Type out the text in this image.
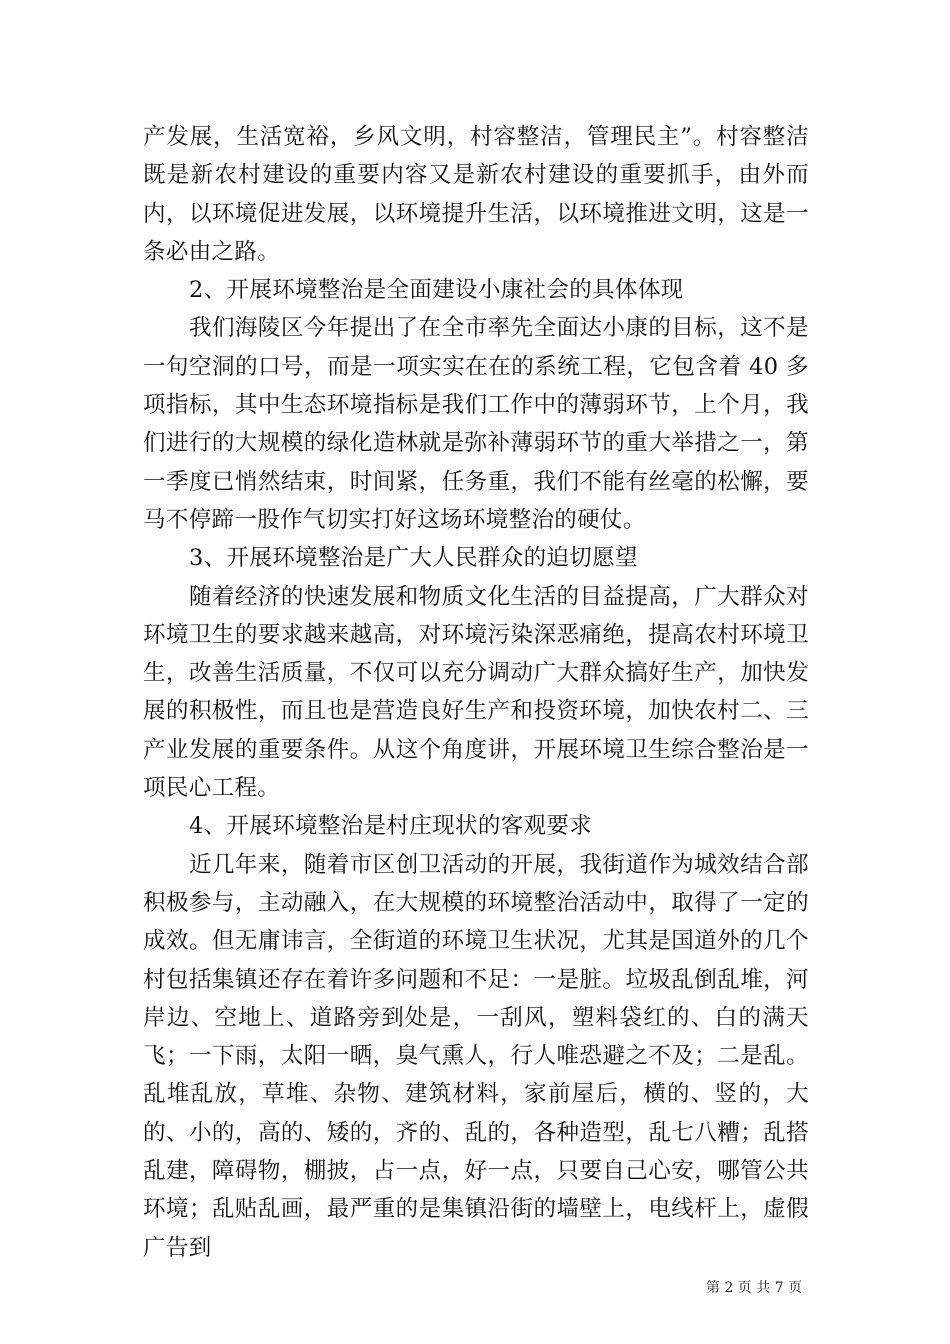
产发展，生活宽裕，乡风文明，村容整洁，管理民主”。村容整洁既是新农村建设的重要内容又是新农村建设的重要抓手，由外而内，以环境促进发展，以环境提升生活，以环境推进文明，这是一条必由之路。

2、开展环境整治是全面建设小康社会的具体体现

我们海陵区今年提出了在全市率先全面达小康的目标，这不是一句空洞的口号，而是一项实实在在的系统工程，它包含着 40 多项指标，其中生态环境指标是我们工作中的薄弱环节，上个月，我们进行的大规模的绿化造林就是弥补薄弱环节的重大举措之一，第一季度已悄然结束，时间紧，任务重，我们不能有丝毫的松懈，要马不停蹄一股作气切实打好这场环境整治的硬仗。

3、开展环境整治是广大人民群众的迫切愿望

随着经济的快速发展和物质文化生活的目益提高，广大群众对环境卫生的要求越来越高，对环境污染深恶痛绝，提高农村环境卫生，改善生活质量，不仅可以充分调动广大群众搞好生产，加快发展的积极性，而且也是营造良好生产和投资环境，加快农村二、三产业发展的重要条件。从这个角度讲，开展环境卫生综合整治是一项民心工程。

4、开展环境整治是村庄现状的客观要求

近几年来，随着市区创卫活动的开展，我街道作为城效结合部积极参与，主动融入，在大规模的环境整治活动中，取得了一定的成效。但无庸讳言，全街道的环境卫生状况，尤其是国道外的几个村包括集镇还存在着许多问题和不足：一是脏。垃圾乱倒乱堆，河岸边、空地上、道路旁到处是，一刮风，塑料袋红的、白的满天飞；一下雨，太阳一晒，臭气熏人，行人唯恐避之不及；二是乱。乱堆乱放，草堆、杂物、建筑材料，家前屋后，横的、竖的，大的、小的，高的、矮的，齐的、乱的，各种造型，乱七八糟；乱搭乱建，障碍物，棚披，占一点，好一点，只要自己心安，哪管公共环境；乱贴乱画，最严重的是集镇沿街的墙壁上，电线杆上，虚假广告到

第 2 页 共 7 页
